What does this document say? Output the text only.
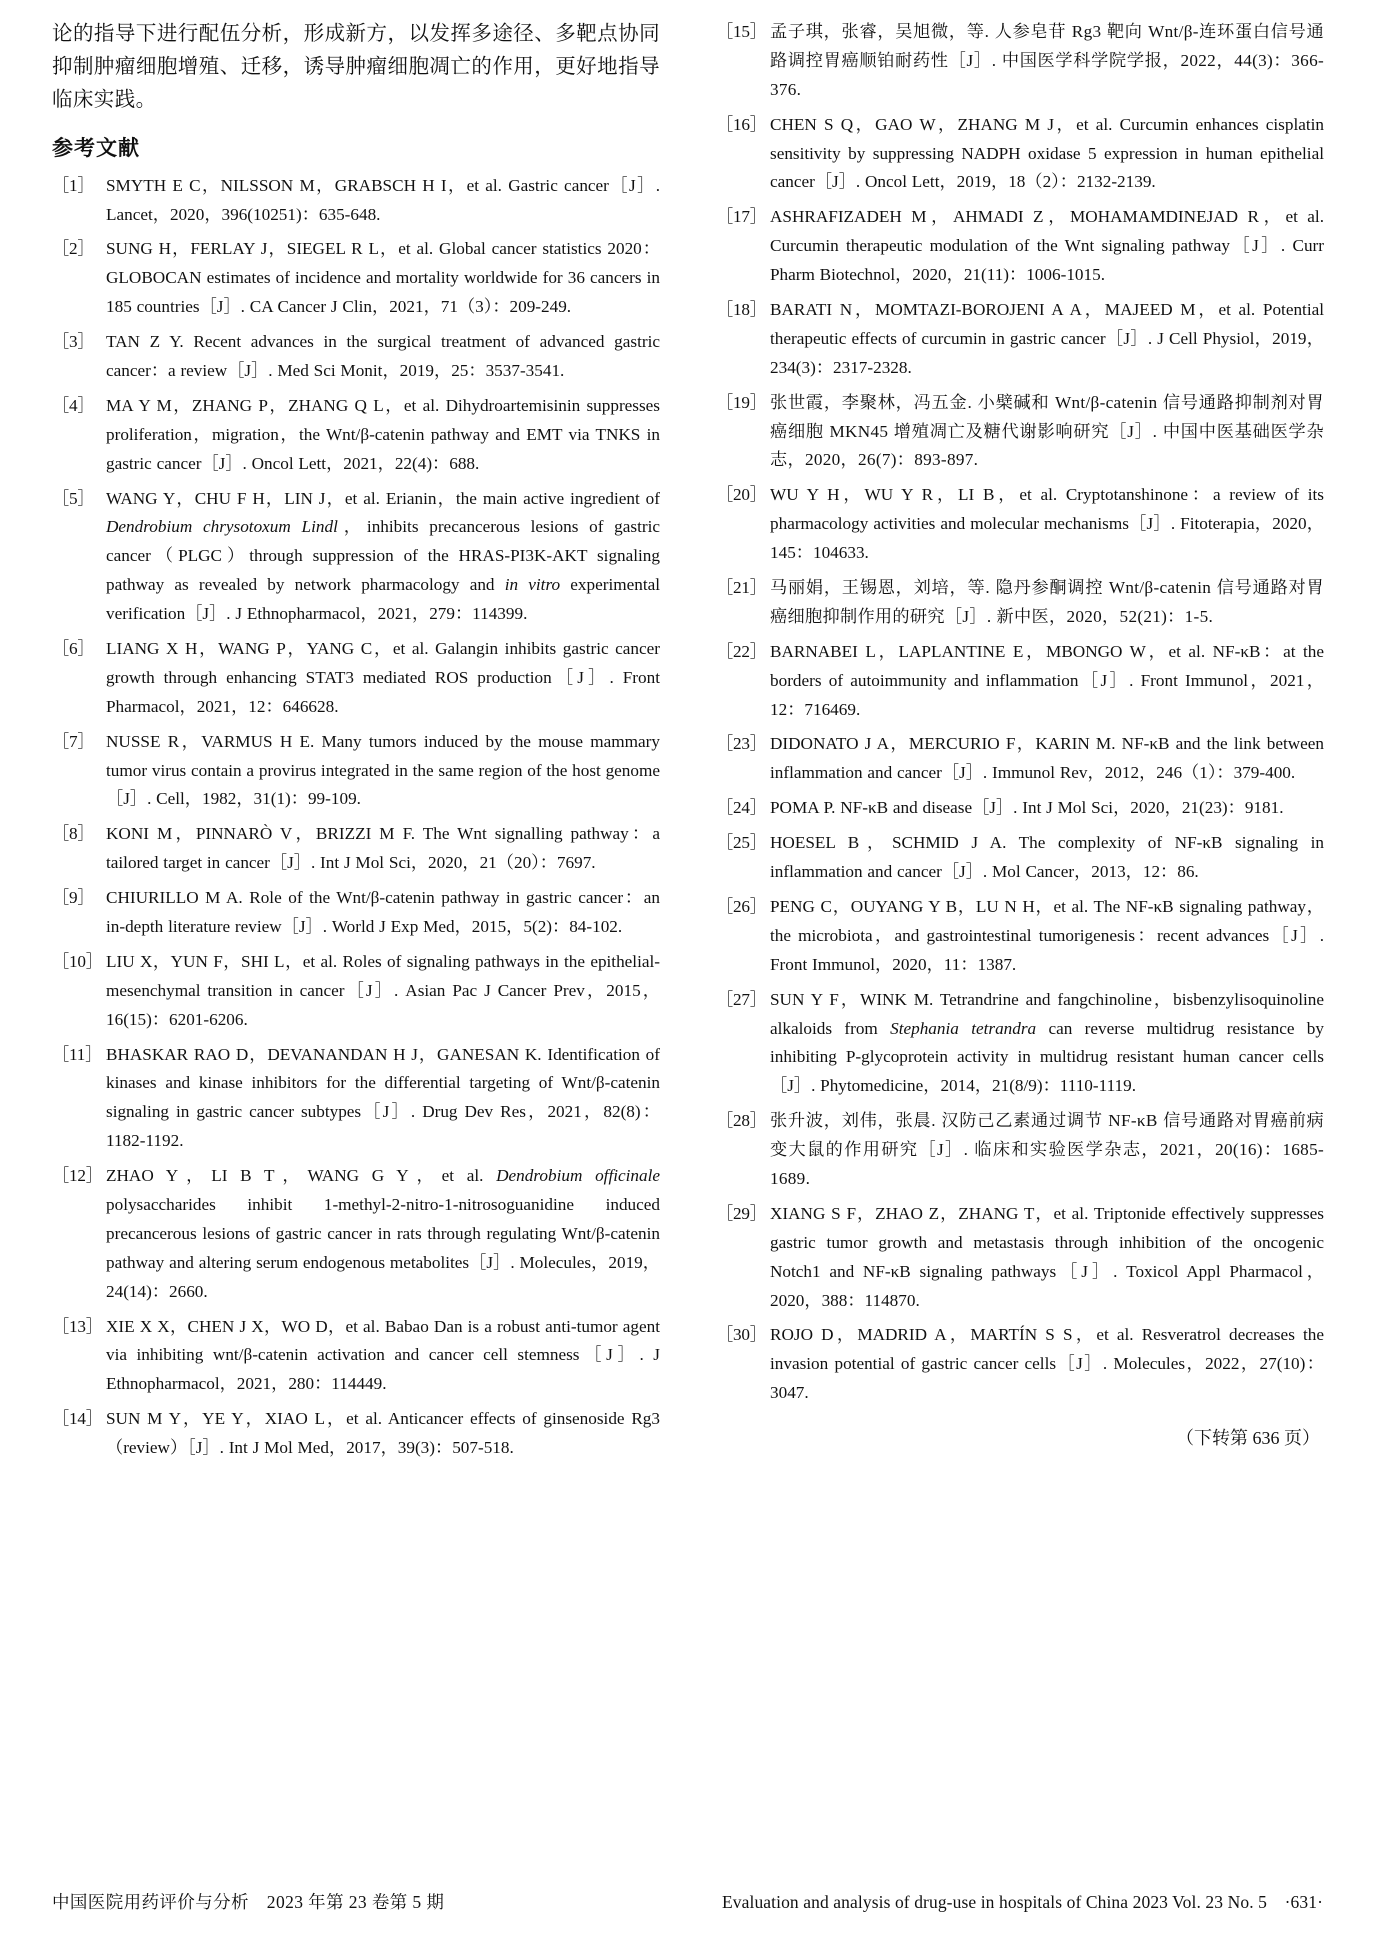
论的指导下进行配伍分析，形成新方，以发挥多途径、多靶点协同抑制肿瘤细胞增殖、迁移，诱导肿瘤细胞凋亡的作用，更好地指导临床实践。

参考文献
［1］ SMYTH E C，NILSSON M，GRABSCH H I，et al. Gastric cancer［J］. Lancet，2020，396(10251)：635-648.
［2］ SUNG H，FERLAY J，SIEGEL R L，et al. Global cancer statistics 2020：GLOBOCAN estimates of incidence and mortality worldwide for 36 cancers in 185 countries［J］. CA Cancer J Clin，2021，71（3）：209-249.
［3］ TAN Z Y. Recent advances in the surgical treatment of advanced gastric cancer：a review［J］. Med Sci Monit，2019，25：3537-3541.
［4］ MA Y M，ZHANG P，ZHANG Q L，et al. Dihydroartemisinin suppresses proliferation，migration，the Wnt/β-catenin pathway and EMT via TNKS in gastric cancer［J］. Oncol Lett，2021，22(4)：688.
［5］ WANG Y，CHU F H，LIN J，et al. Erianin，the main active ingredient of Dendrobium chrysotoxum Lindl，inhibits precancerous lesions of gastric cancer（PLGC）through suppression of the HRAS-PI3K-AKT signaling pathway as revealed by network pharmacology and in vitro experimental verification［J］. J Ethnopharmacol，2021，279：114399.
［6］ LIANG X H，WANG P，YANG C，et al. Galangin inhibits gastric cancer growth through enhancing STAT3 mediated ROS production［J］. Front Pharmacol，2021，12：646628.
［7］ NUSSE R，VARMUS H E. Many tumors induced by the mouse mammary tumor virus contain a provirus integrated in the same region of the host genome［J］. Cell，1982，31(1)：99-109.
［8］ KONI M，PINNARÒ V，BRIZZI M F. The Wnt signalling pathway：a tailored target in cancer［J］. Int J Mol Sci，2020，21（20）：7697.
［9］ CHIURILLO M A. Role of the Wnt/β-catenin pathway in gastric cancer：an in-depth literature review［J］. World J Exp Med，2015，5(2)：84-102.
［10］ LIU X，YUN F，SHI L，et al. Roles of signaling pathways in the epithelial-mesenchymal transition in cancer［J］. Asian Pac J Cancer Prev，2015，16(15)：6201-6206.
［11］ BHASKAR RAO D，DEVANANDAN H J，GANESAN K. Identification of kinases and kinase inhibitors for the differential targeting of Wnt/β-catenin signaling in gastric cancer subtypes［J］. Drug Dev Res，2021，82(8)：1182-1192.
［12］ ZHAO Y，LI B T，WANG G Y，et al. Dendrobium officinale polysaccharides inhibit 1-methyl-2-nitro-1-nitrosoguanidine induced precancerous lesions of gastric cancer in rats through regulating Wnt/β-catenin pathway and altering serum endogenous metabolites［J］. Molecules，2019，24(14)：2660.
［13］ XIE X X，CHEN J X，WO D，et al. Babao Dan is a robust anti-tumor agent via inhibiting wnt/β-catenin activation and cancer cell stemness［J］. J Ethnopharmacol，2021，280：114449.
［14］ SUN M Y，YE Y，XIAO L，et al. Anticancer effects of ginsenoside Rg3（review）［J］. Int J Mol Med，2017，39(3)：507-518.
［15］ 孟子琪，张睿，吴旭微，等. 人参皂苷 Rg3 靶向 Wnt/β-连环蛋白信号通路调控胃癌顺铂耐药性［J］. 中国医学科学院学报，2022，44(3)：366-376.
［16］ CHEN S Q，GAO W，ZHANG M J，et al. Curcumin enhances cisplatin sensitivity by suppressing NADPH oxidase 5 expression in human epithelial cancer［J］. Oncol Lett，2019，18（2）：2132-2139.
［17］ ASHRAFIZADEH M，AHMADI Z，MOHAMAMDINEJAD R，et al. Curcumin therapeutic modulation of the Wnt signaling pathway［J］. Curr Pharm Biotechnol，2020，21(11)：1006-1015.
［18］ BARATI N，MOMTAZI-BOROJENI A A，MAJEED M，et al. Potential therapeutic effects of curcumin in gastric cancer［J］. J Cell Physiol，2019，234(3)：2317-2328.
［19］ 张世霞，李聚林，冯五金. 小檗碱和 Wnt/β-catenin 信号通路抑制剂对胃癌细胞 MKN45 增殖凋亡及糖代谢影响研究［J］. 中国中医基础医学杂志，2020，26(7)：893-897.
［20］ WU Y H，WU Y R，LI B，et al. Cryptotanshinone：a review of its pharmacology activities and molecular mechanisms［J］. Fitoterapia，2020，145：104633.
［21］ 马丽娟，王锡恩，刘培，等. 隐丹参酮调控 Wnt/β-catenin 信号通路对胃癌细胞抑制作用的研究［J］. 新中医，2020，52(21)：1-5.
［22］ BARNABEI L，LAPLANTINE E，MBONGO W，et al. NF-κB：at the borders of autoimmunity and inflammation［J］. Front Immunol，2021，12：716469.
［23］ DIDONATO J A，MERCURIO F，KARIN M. NF-κB and the link between inflammation and cancer［J］. Immunol Rev，2012，246（1）：379-400.
［24］ POMA P. NF-κB and disease［J］. Int J Mol Sci，2020，21(23)：9181.
［25］ HOESEL B，SCHMID J A. The complexity of NF-κB signaling in inflammation and cancer［J］. Mol Cancer，2013，12：86.
［26］ PENG C，OUYANG Y B，LU N H，et al. The NF-κB signaling pathway，the microbiota，and gastrointestinal tumorigenesis：recent advances［J］. Front Immunol，2020，11：1387.
［27］ SUN Y F，WINK M. Tetrandrine and fangchinoline，bisbenzylisoquinoline alkaloids from Stephania tetrandra can reverse multidrug resistance by inhibiting P-glycoprotein activity in multidrug resistant human cancer cells［J］. Phytomedicine，2014，21(8/9)：1110-1119.
［28］ 张升波，刘伟，张晨. 汉防己乙素通过调节 NF-κB 信号通路对胃癌前病变大鼠的作用研究［J］. 临床和实验医学杂志，2021，20(16)：1685-1689.
［29］ XIANG S F，ZHAO Z，ZHANG T，et al. Triptonide effectively suppresses gastric tumor growth and metastasis through inhibition of the oncogenic Notch1 and NF-κB signaling pathways［J］. Toxicol Appl Pharmacol，2020，388：114870.
［30］ ROJO D，MADRID A，MARTÍN S S，et al. Resveratrol decreases the invasion potential of gastric cancer cells［J］. Molecules，2022，27(10)：3047.
（下转第 636 页）
中国医院用药评价与分析　2023 年第 23 卷第 5 期	Evaluation and analysis of drug-use in hospitals of China 2023 Vol. 23 No. 5　·631·
